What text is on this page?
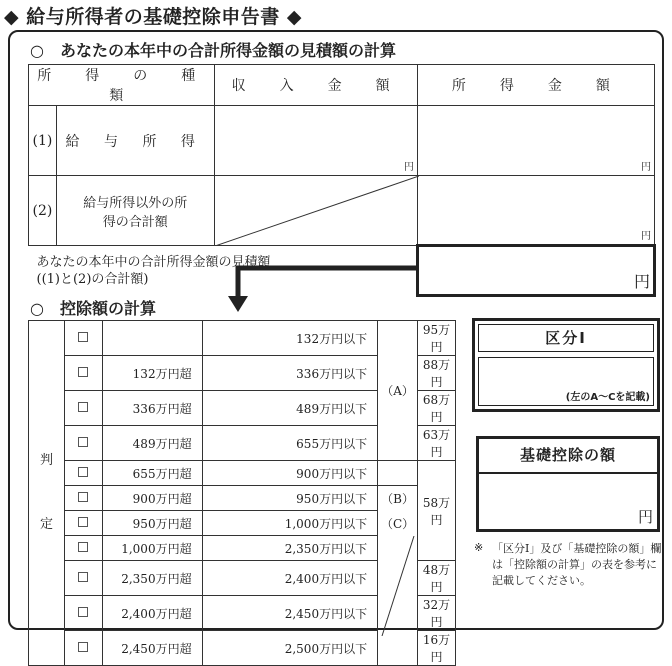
◆ 給与所得者の基礎控除申告書 ◆
○　あなたの本年中の合計所得金額の見積額の計算
所　得　の　種　類		収　入　金　額	所　得　金　額
(1)	給 与 所 得	円	円

(2)	給与所得以外の所得の合計額		円

あなたの本年中の合計所得金額の見積額
((1)と(2)の合計額)			円
○　控除額の計算
判
定			132万円以下	（A）	95万円
		132万円超	336万円以下		88万円
		336万円超	489万円以下		68万円
		489万円超	655万円以下		63万円
		655万円超	900万円以下		58万円
		900万円超	950万円以下	（B）	
		950万円超	1,000万円以下	（C）	
		1,000万円超	2,350万円以下	

		2,350万円超	2,400万円以下		48万円
		2,400万円超	2,450万円以下		32万円
		2,450万円超	2,500万円以下		16万円
区分Ⅰ
(左のA～Cを記載)
基礎控除の額
円
※ 「区分Ⅰ」及び「基礎控除の額」欄は「控除額の計算」の表を参考に記載してください。
